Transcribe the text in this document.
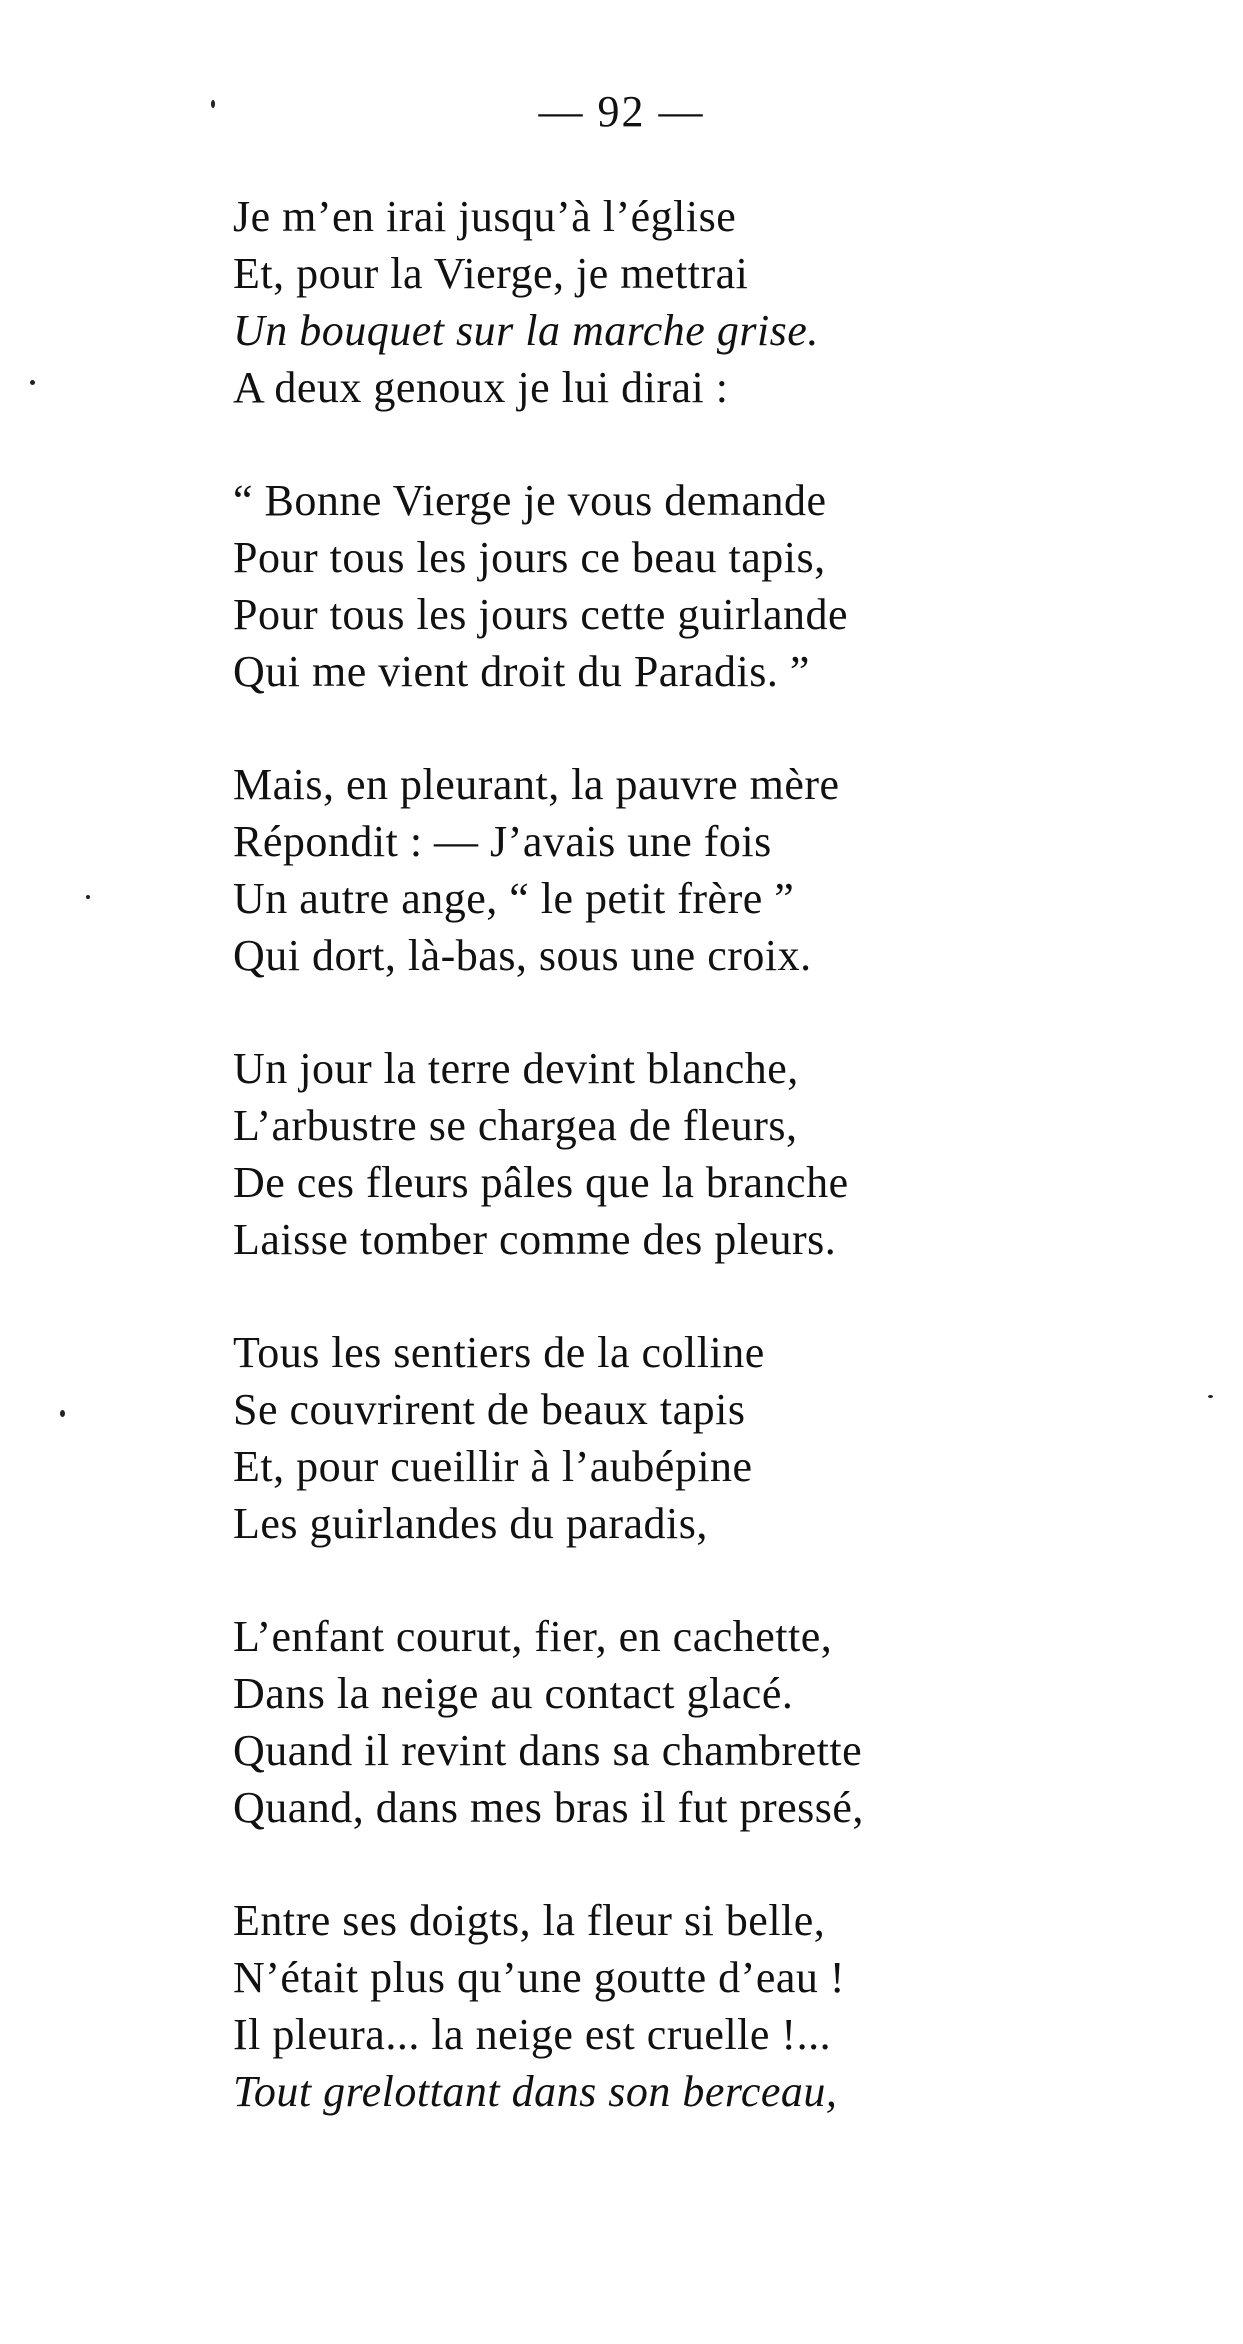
— 92 —
Je m’en irai jusqu’à l’église
Et, pour la Vierge, je mettrai
Un bouquet sur la marche grise.
A deux genoux je lui dirai :
“ Bonne Vierge je vous demande
Pour tous les jours ce beau tapis,
Pour tous les jours cette guirlande
Qui me vient droit du Paradis. ”
Mais, en pleurant, la pauvre mère
Répondit : — J’avais une fois
Un autre ange, “ le petit frère ”
Qui dort, là-bas, sous une croix.
Un jour la terre devint blanche,
L’arbustre se chargea de fleurs,
De ces fleurs pâles que la branche
Laisse tomber comme des pleurs.
Tous les sentiers de la colline
Se couvrirent de beaux tapis
Et, pour cueillir à l’aubépine
Les guirlandes du paradis,
L’enfant courut, fier, en cachette,
Dans la neige au contact glacé.
Quand il revint dans sa chambrette
Quand, dans mes bras il fut pressé,
Entre ses doigts, la fleur si belle,
N’était plus qu’une goutte d’eau !
Il pleura... la neige est cruelle !...
Tout grelottant dans son berceau,
